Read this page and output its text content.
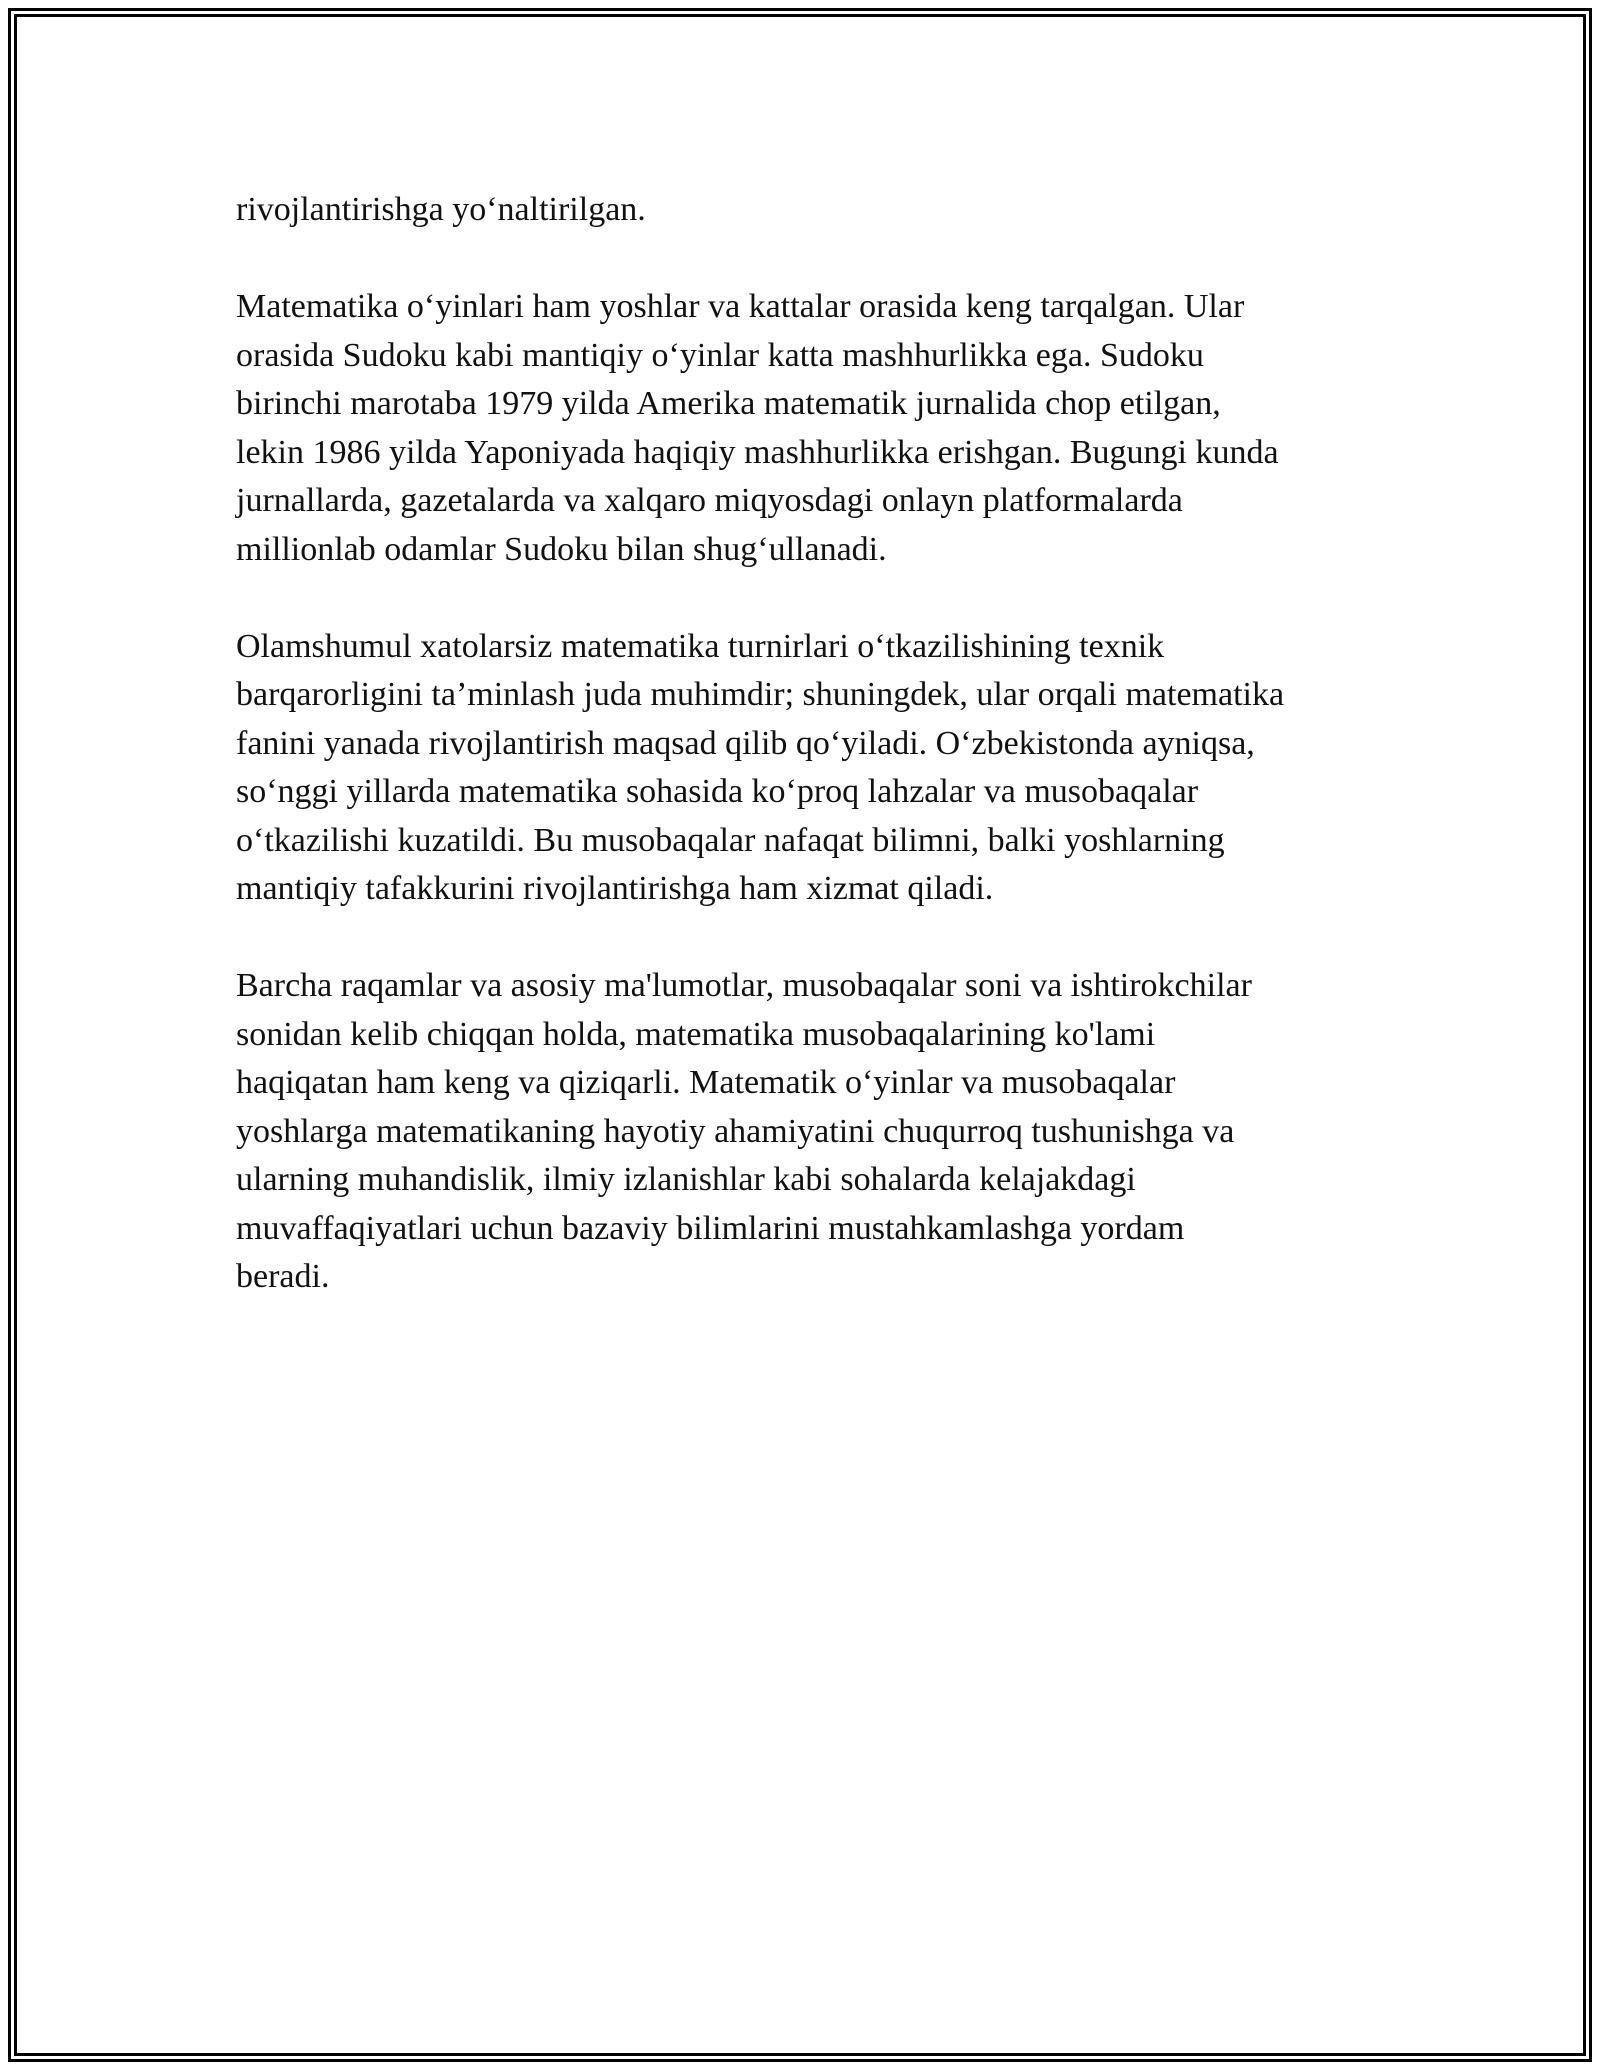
rivojlantirishga yo‘naltirilgan.

Matematika o‘yinlari ham yoshlar va kattalar orasida keng tarqalgan. Ular
orasida Sudoku kabi mantiqiy o‘yinlar katta mashhurlikka ega. Sudoku
birinchi marotaba 1979 yilda Amerika matematik jurnalida chop etilgan,
lekin 1986 yilda Yaponiyada haqiqiy mashhurlikka erishgan. Bugungi kunda
jurnallarda, gazetalarda va xalqaro miqyosdagi onlayn platformalarda
millionlab odamlar Sudoku bilan shug‘ullanadi.

Olamshumul xatolarsiz matematika turnirlari o‘tkazilishining texnik
barqarorligini ta’minlash juda muhimdir; shuningdek, ular orqali matematika
fanini yanada rivojlantirish maqsad qilib qo‘yiladi. O‘zbekistonda ayniqsa,
so‘nggi yillarda matematika sohasida ko‘proq lahzalar va musobaqalar
o‘tkazilishi kuzatildi. Bu musobaqalar nafaqat bilimni, balki yoshlarning
mantiqiy tafakkurini rivojlantirishga ham xizmat qiladi.

Barcha raqamlar va asosiy ma'lumotlar, musobaqalar soni va ishtirokchilar
sonidan kelib chiqqan holda, matematika musobaqalarining ko'lami
haqiqatan ham keng va qiziqarli. Matematik o‘yinlar va musobaqalar
yoshlarga matematikaning hayotiy ahamiyatini chuqurroq tushunishga va
ularning muhandislik, ilmiy izlanishlar kabi sohalarda kelajakdagi
muvaffaqiyatlari uchun bazaviy bilimlarini mustahkamlashga yordam
beradi.
